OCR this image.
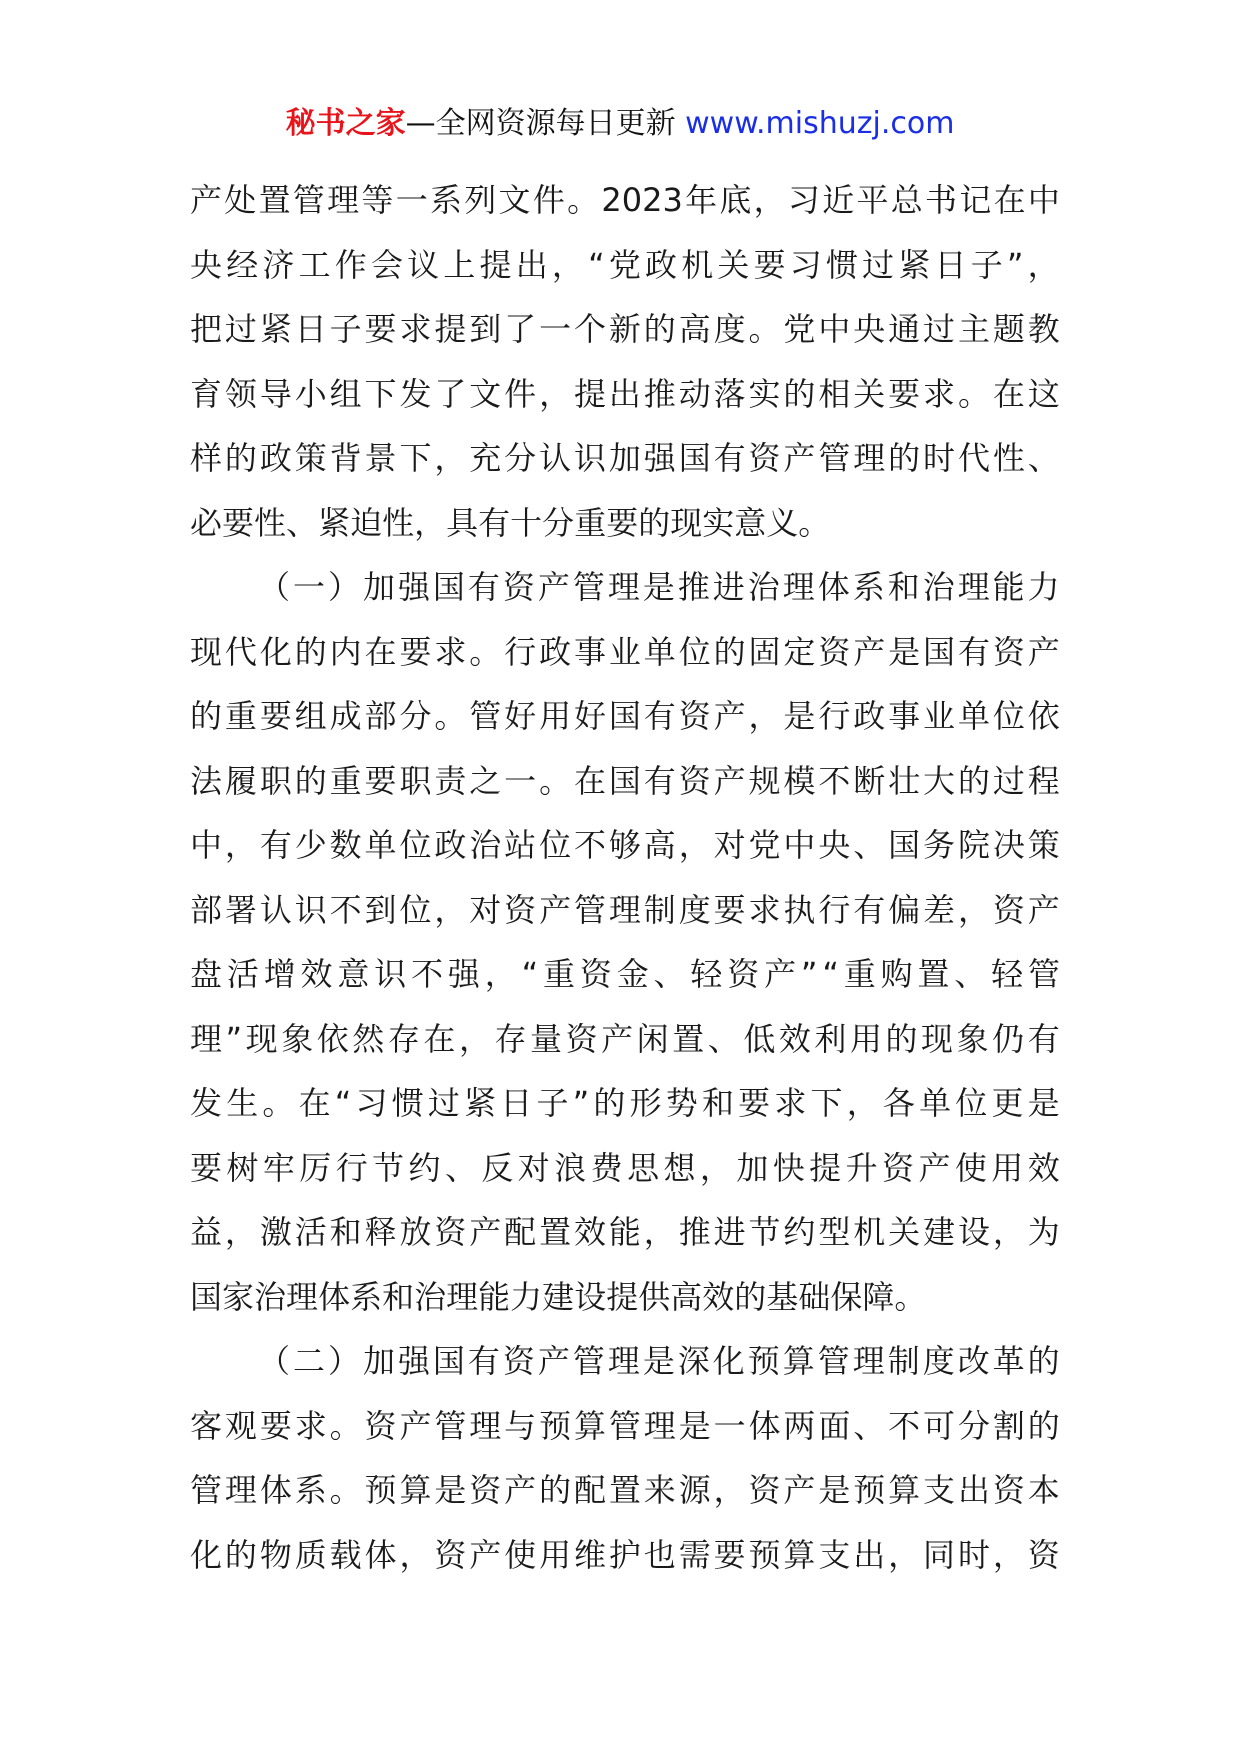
秘书之家—全网资源每日更新 www.mishuzj.com
产 处 置 管 理 等 一 系 列 文 件 。 2023 年 底 ， 习 近 平 总 书 记 在 中
央 经 济 工 作 会 议 上 提 出 ， “ 党 政 机 关 要 习 惯 过 紧 日 子 ” ，
把 过 紧 日 子 要 求 提 到 了 一 个 新 的 高 度 。 党 中 央 通 过 主 题 教
育 领 导 小 组 下 发 了 文 件 ， 提 出 推 动 落 实 的 相 关 要 求 。 在 这
样 的 政 策 背 景 下 ， 充 分 认 识 加 强 国 有 资 产 管 理 的 时 代 性 、
必 要 性 、 紧 迫 性 ， 具 有 十 分 重 要 的 现 实 意 义 。
（ 一 ） 加 强 国 有 资 产 管 理 是 推 进 治 理 体 系 和 治 理 能 力
现 代 化 的 内 在 要 求 。 行 政 事 业 单 位 的 固 定 资 产 是 国 有 资 产
的 重 要 组 成 部 分 。 管 好 用 好 国 有 资 产 ， 是 行 政 事 业 单 位 依
法 履 职 的 重 要 职 责 之 一 。 在 国 有 资 产 规 模 不 断 壮 大 的 过 程
中 ， 有 少 数 单 位 政 治 站 位 不 够 高 ， 对 党 中 央 、 国 务 院 决 策
部 署 认 识 不 到 位 ， 对 资 产 管 理 制 度 要 求 执 行 有 偏 差 ， 资 产
盘 活 增 效 意 识 不 强 ， “ 重 资 金 、 轻 资 产 ” “ 重 购 置 、 轻 管
理 ” 现 象 依 然 存 在 ， 存 量 资 产 闲 置 、 低 效 利 用 的 现 象 仍 有
发 生 。 在 “ 习 惯 过 紧 日 子 ” 的 形 势 和 要 求 下 ， 各 单 位 更 是
要 树 牢 厉 行 节 约 、 反 对 浪 费 思 想 ， 加 快 提 升 资 产 使 用 效
益 ， 激 活 和 释 放 资 产 配 置 效 能 ， 推 进 节 约 型 机 关 建 设 ， 为
国 家 治 理 体 系 和 治 理 能 力 建 设 提 供 高 效 的 基 础 保 障 。
（ 二 ） 加 强 国 有 资 产 管 理 是 深 化 预 算 管 理 制 度 改 革 的
客 观 要 求 。 资 产 管 理 与 预 算 管 理 是 一 体 两 面 、 不 可 分 割 的
管 理 体 系 。 预 算 是 资 产 的 配 置 来 源 ， 资 产 是 预 算 支 出 资 本
化 的 物 质 载 体 ， 资 产 使 用 维 护 也 需 要 预 算 支 出 ， 同 时 ， 资
